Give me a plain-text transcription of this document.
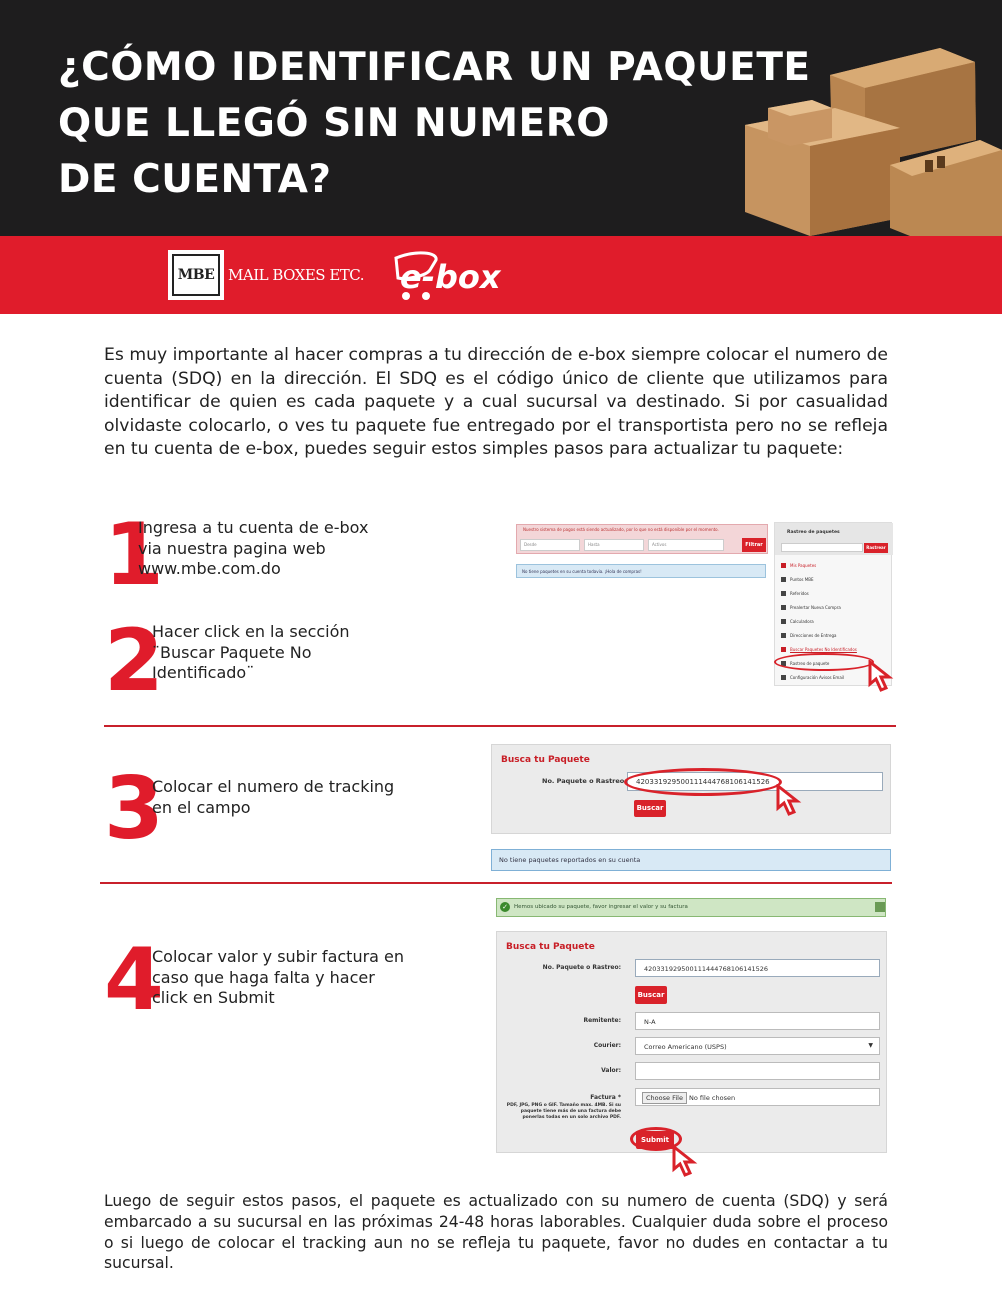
¿CÓMO IDENTIFICAR UN PAQUETE
QUE LLEGÓ SIN NUMERO
DE CUENTA?
MBE MAIL BOXES ETC. e-box
Es muy importante al hacer compras a tu dirección de e-box siempre colocar el numero de cuenta (SDQ) en la dirección. El SDQ es el código único de cliente que utilizamos para identificar de quien es cada paquete y a cual sucursal va destinado. Si por casualidad olvidaste colocarlo, o ves tu paquete fue entregado por el transportista pero no se refleja en tu cuenta de e-box, puedes seguir estos simples pasos para actualizar tu paquete:
1
Ingresa a tu cuenta de e-box
via nuestra pagina web
www.mbe.com.do
2
Hacer click en la sección
¨Buscar Paquete No
Identificado¨
Nuestro sistema de pagos está siendo actualizado, por lo que no está disponible por el momento.
Desde	Hasta	Activos	Filtrar
No tiene paquetes en su cuenta todavia. ¡Hola de compras!
Rastreo de paquetes
Rastrear
Mis Paquetes
Puntos MBE
Referidos
Prealertar Nueva Compra
Calculadora
Direcciones de Entrega
Buscar Paquetes No Identificados
Rastreo de paquete
Configuración Avisos Email
3
Colocar el numero de tracking
en el campo
Busca tu Paquete
No. Paquete o Rastreo:	420331929500111444768106141526
Buscar
No tiene paquetes reportados en su cuenta
4
Colocar valor y subir factura en
caso que haga falta y hacer
click en Submit
Hemos ubicado su paquete, favor ingresar el valor y su factura
✓
Busca tu Paquete
No. Paquete o Rastreo:	420331929500111444768106141526
Buscar
Remitente:	N-A
Courier:	Correo Americano (USPS)	▼
Valor:
Factura *
PDF, JPG, PNG o GIF. Tamaño max. 4MB. Si su paquete tiene más de una factura debe ponerlas todas en un solo archivo PDF.
Choose File No file chosen
Submit
Luego de seguir estos pasos, el paquete es actualizado con su numero de cuenta (SDQ) y será embarcado a su sucursal en las próximas 24-48 horas laborables. Cualquier duda sobre el proceso o si luego de colocar el tracking aun no se refleja tu paquete, favor no dudes en contactar a tu sucursal.
